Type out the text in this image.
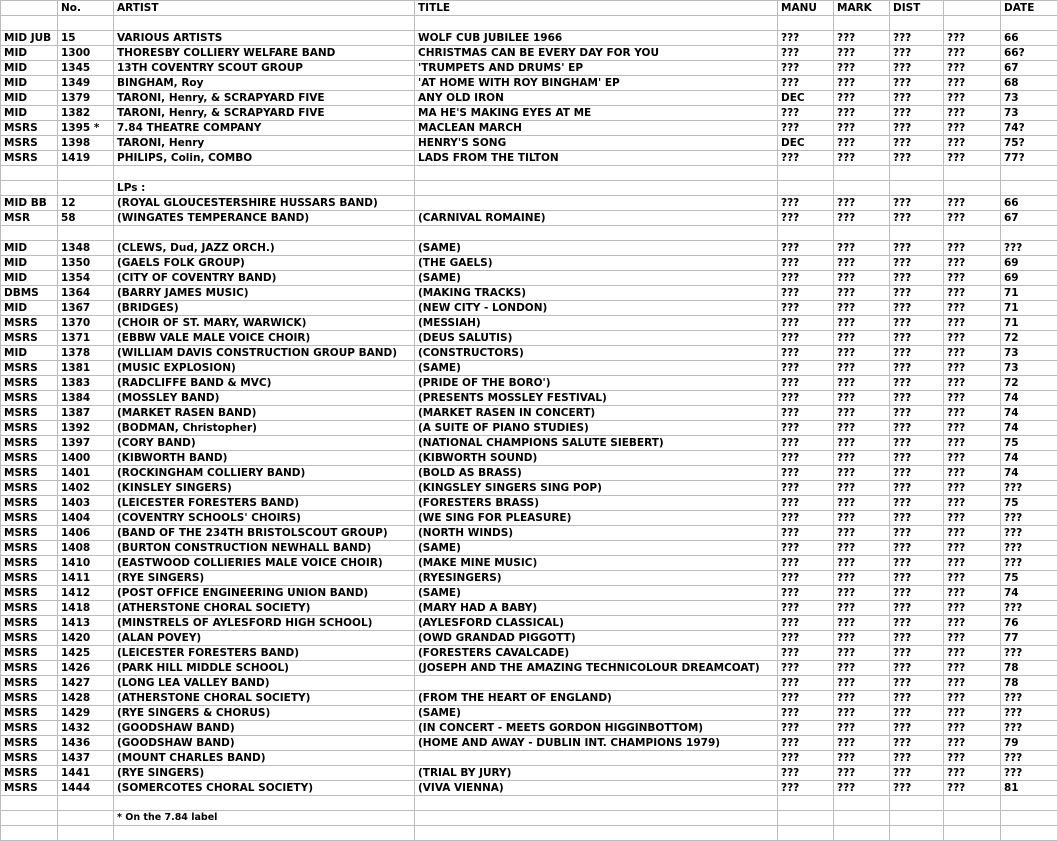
	No.	ARTIST	TITLE	MANU	MARK	DIST		DATE

MID JUB	15	VARIOUS ARTISTS	WOLF CUB JUBILEE 1966	???	???	???	???	66
MID	1300	THORESBY COLLIERY WELFARE BAND	CHRISTMAS CAN BE EVERY DAY FOR YOU	???	???	???	???	66?
MID	1345	13TH COVENTRY SCOUT GROUP	'TRUMPETS AND DRUMS' EP	???	???	???	???	67
MID	1349	BINGHAM, Roy	'AT HOME WITH ROY BINGHAM' EP	???	???	???	???	68
MID	1379	TARONI, Henry, & SCRAPYARD FIVE	ANY OLD IRON	DEC	???	???	???	73
MID	1382	TARONI, Henry, & SCRAPYARD FIVE	MA HE'S MAKING EYES AT ME	???	???	???	???	73
MSRS	1395 *	7.84 THEATRE COMPANY	MACLEAN MARCH	???	???	???	???	74?
MSRS	1398	TARONI, Henry	HENRY'S SONG	DEC	???	???	???	75?
MSRS	1419	PHILIPS, Colin, COMBO	LADS FROM THE TILTON	???	???	???	???	77?

		LPs :						
MID BB	12	(ROYAL GLOUCESTERSHIRE HUSSARS BAND)		???	???	???	???	66
MSR	58	(WINGATES TEMPERANCE BAND)	(CARNIVAL ROMAINE)	???	???	???	???	67

MID	1348	(CLEWS, Dud, JAZZ ORCH.)	(SAME)	???	???	???	???	???
MID	1350	(GAELS FOLK GROUP)	(THE GAELS)	???	???	???	???	69
MID	1354	(CITY OF COVENTRY BAND)	(SAME)	???	???	???	???	69
DBMS	1364	(BARRY JAMES MUSIC)	(MAKING TRACKS)	???	???	???	???	71
MID	1367	(BRIDGES)	(NEW CITY - LONDON)	???	???	???	???	71
MSRS	1370	(CHOIR OF ST. MARY, WARWICK)	(MESSIAH)	???	???	???	???	71
MSRS	1371	(EBBW VALE MALE VOICE CHOIR)	(DEUS SALUTIS)	???	???	???	???	72
MID	1378	(WILLIAM DAVIS CONSTRUCTION GROUP BAND)	(CONSTRUCTORS)	???	???	???	???	73
MSRS	1381	(MUSIC EXPLOSION)	(SAME)	???	???	???	???	73
MSRS	1383	(RADCLIFFE BAND & MVC)	(PRIDE OF THE BORO')	???	???	???	???	72
MSRS	1384	(MOSSLEY BAND)	(PRESENTS MOSSLEY FESTIVAL)	???	???	???	???	74
MSRS	1387	(MARKET RASEN BAND)	(MARKET RASEN IN CONCERT)	???	???	???	???	74
MSRS	1392	(BODMAN, Christopher)	(A SUITE OF PIANO STUDIES)	???	???	???	???	74
MSRS	1397	(CORY BAND)	(NATIONAL CHAMPIONS SALUTE SIEBERT)	???	???	???	???	75
MSRS	1400	(KIBWORTH BAND)	(KIBWORTH SOUND)	???	???	???	???	74
MSRS	1401	(ROCKINGHAM COLLIERY BAND)	(BOLD AS BRASS)	???	???	???	???	74
MSRS	1402	(KINSLEY SINGERS)	(KINGSLEY SINGERS SING POP)	???	???	???	???	???
MSRS	1403	(LEICESTER FORESTERS BAND)	(FORESTERS BRASS)	???	???	???	???	75
MSRS	1404	(COVENTRY SCHOOLS' CHOIRS)	(WE SING FOR PLEASURE)	???	???	???	???	???
MSRS	1406	(BAND OF THE 234TH BRISTOLSCOUT GROUP)	(NORTH WINDS)	???	???	???	???	???
MSRS	1408	(BURTON CONSTRUCTION NEWHALL BAND)	(SAME)	???	???	???	???	???
MSRS	1410	(EASTWOOD COLLIERIES MALE VOICE CHOIR)	(MAKE MINE MUSIC)	???	???	???	???	???
MSRS	1411	(RYE SINGERS)	(RYESINGERS)	???	???	???	???	75
MSRS	1412	(POST OFFICE ENGINEERING UNION BAND)	(SAME)	???	???	???	???	74
MSRS	1418	(ATHERSTONE CHORAL SOCIETY)	(MARY HAD A BABY)	???	???	???	???	???
MSRS	1413	(MINSTRELS OF AYLESFORD HIGH SCHOOL)	(AYLESFORD CLASSICAL)	???	???	???	???	76
MSRS	1420	(ALAN POVEY)	(OWD GRANDAD PIGGOTT)	???	???	???	???	77
MSRS	1425	(LEICESTER FORESTERS BAND)	(FORESTERS CAVALCADE)	???	???	???	???	???
MSRS	1426	(PARK HILL MIDDLE SCHOOL)	(JOSEPH AND THE AMAZING TECHNICOLOUR DREAMCOAT)	???	???	???	???	78
MSRS	1427	(LONG LEA VALLEY BAND)		???	???	???	???	78
MSRS	1428	(ATHERSTONE CHORAL SOCIETY)	(FROM THE HEART OF ENGLAND)	???	???	???	???	???
MSRS	1429	(RYE SINGERS & CHORUS)	(SAME)	???	???	???	???	???
MSRS	1432	(GOODSHAW BAND)	(IN CONCERT - MEETS GORDON HIGGINBOTTOM)	???	???	???	???	???
MSRS	1436	(GOODSHAW BAND)	(HOME AND AWAY - DUBLIN INT. CHAMPIONS 1979)	???	???	???	???	79
MSRS	1437	(MOUNT CHARLES BAND)		???	???	???	???	???
MSRS	1441	(RYE SINGERS)	(TRIAL BY JURY)	???	???	???	???	???
MSRS	1444	(SOMERCOTES CHORAL SOCIETY)	(VIVA VIENNA)	???	???	???	???	81

		* On the 7.84 label						
